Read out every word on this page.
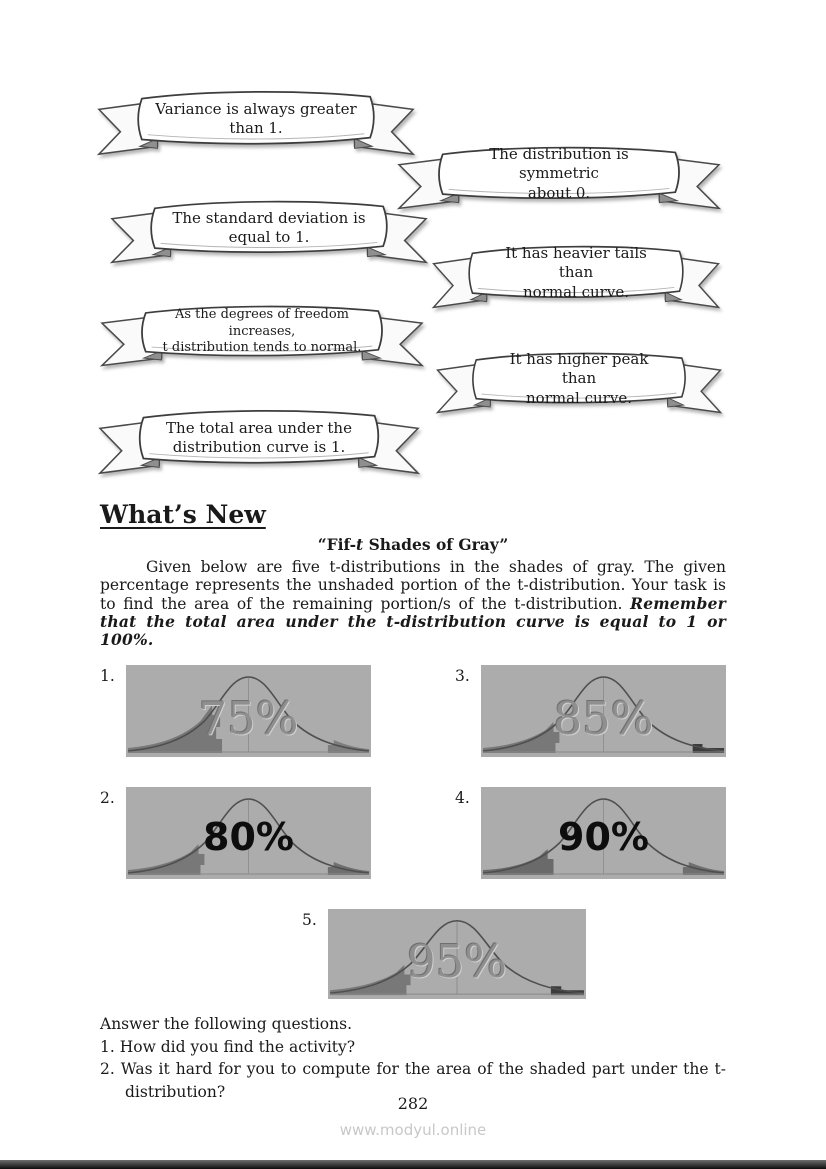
Variance is always greater
than 1.
The distribution is symmetric
about 0.
The standard deviation is
equal to 1.
It has heavier tails than
normal curve.
As the degrees of freedom increases,
t distribution tends to normal.
It has higher peak than
normal curve.
The total area under the
distribution curve is 1.
What’s New
“Fif-t Shades of Gray”

Given below are five t-distributions in the shades of gray. The given percentage represents the unshaded portion of the t-distribution. Your task is to find the area of the remaining portion/s of the t-distribution. Remember that the total area under the t-distribution curve is equal to 1 or 100%.

1.
75%
3.
85%
2.
80%
4.
90%
5.
95%
Answer the following questions.
1. How did you find the activity?
2. Was it hard for you to compute for the area of the shaded part under the t-distribution?
282
www.modyul.online
